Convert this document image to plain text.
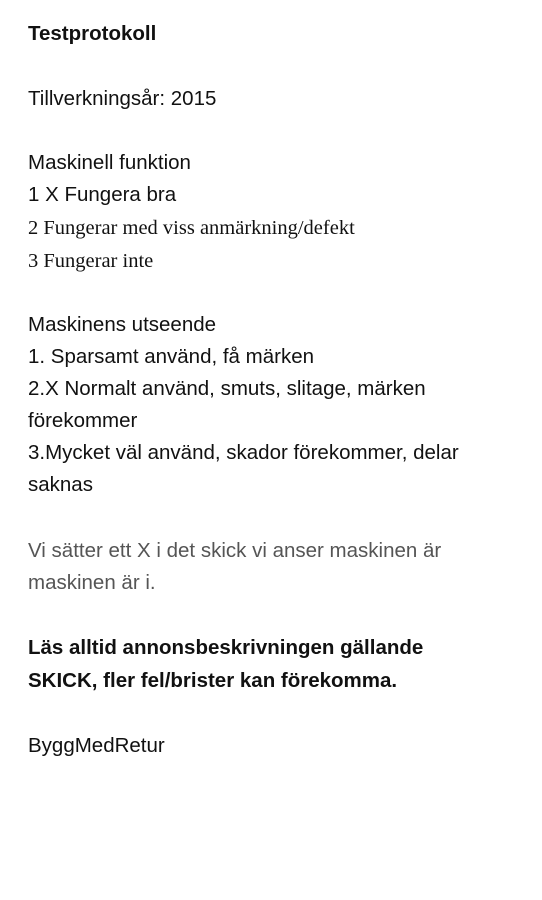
Testprotokoll
Tillverkningsår: 2015
Maskinell funktion
1 X Fungera bra
2 Fungerar med viss anmärkning/defekt
3 Fungerar inte
Maskinens utseende
1. Sparsamt använd, få märken
2.X Normalt använd, smuts, slitage, märken
förekommer
3.Mycket väl använd, skador förekommer, delar
saknas
Vi sätter ett X i det skick vi anser maskinen är
maskinen är i.
Läs alltid annonsbeskrivningen gällande
SKICK, fler fel/brister kan förekomma.
ByggMedRetur
